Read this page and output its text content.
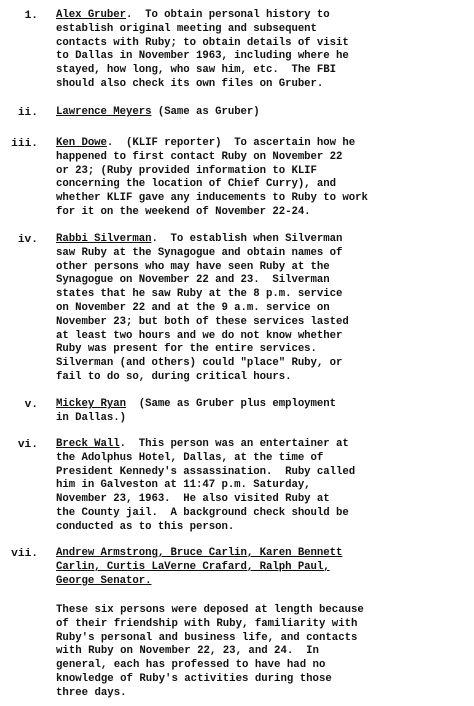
1. Alex Gruber.  To obtain personal history to
establish original meeting and subsequent
contacts with Ruby; to obtain details of visit
to Dallas in November 1963, including where he
stayed, how long, who saw him, etc.  The FBI
should also check its own files on Gruber.
ii. Lawrence Meyers (Same as Gruber)
iii. Ken Dowe.  (KLIF reporter)  To ascertain how he
happened to first contact Ruby on November 22
or 23; (Ruby provided information to KLIF
concerning the location of Chief Curry), and
whether KLIF gave any inducements to Ruby to work
for it on the weekend of November 22-24.
iv. Rabbi Silverman.  To establish when Silverman
saw Ruby at the Synagogue and obtain names of
other persons who may have seen Ruby at the
Synagogue on November 22 and 23.  Silverman
states that he saw Ruby at the 8 p.m. service
on November 22 and at the 9 a.m. service on
November 23; but both of these services lasted
at least two hours and we do not know whether
Ruby was present for the entire services.
Silverman (and others) could "place" Ruby, or
fail to do so, during critical hours.
v. Mickey Ryan  (Same as Gruber plus employment
in Dallas.)
vi. Breck Wall.  This person was an entertainer at
the Adolphus Hotel, Dallas, at the time of
President Kennedy's assassination.  Ruby called
him in Galveston at 11:47 p.m. Saturday,
November 23, 1963.  He also visited Ruby at
the County jail.  A background check should be
conducted as to this person.
vii. Andrew Armstrong, Bruce Carlin, Karen Bennett
Carlin, Curtis LaVerne Crafard, Ralph Paul,
George Senator.
These six persons were deposed at length because
of their friendship with Ruby, familiarity with
Ruby's personal and business life, and contacts
with Ruby on November 22, 23, and 24.  In
general, each has professed to have had no
knowledge of Ruby's activities during those
three days.
